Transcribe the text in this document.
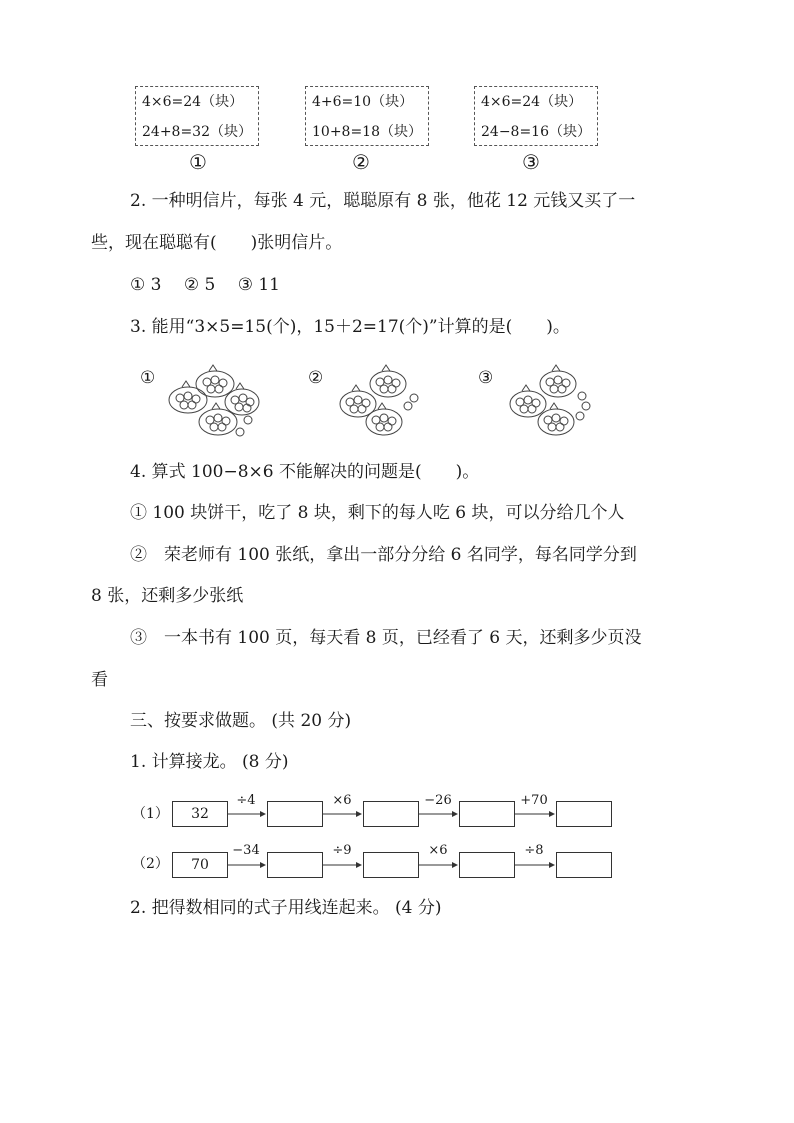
4×6=24（块）
24+8=32（块）
①
4+6=10（块）
10+8=18（块）
②
4×6=24（块）
24−8=16（块）
③
2. 一种明信片，每张 4 元，聪聪原有 8 张，他花 12 元钱又买了一
些，现在聪聪有(　　)张明信片。
① 3　 ② 5　 ③ 11
3. 能用“3×5=15(个)，15＋2=17(个)”计算的是(　　)。
①	②	③
4. 算式 100−8×6 不能解决的问题是(　　)。
① 100 块饼干，吃了 8 块，剩下的每人吃 6 块，可以分给几个人
②　荣老师有 100 张纸，拿出一部分分给 6 名同学，每名同学分到
8 张，还剩多少张纸
③　一本书有 100 页，每天看 8 页，已经看了 6 天，还剩多少页没
看
三、按要求做题。 (共 20 分)
1. 计算接龙。 (8 分)
（1）	32
÷4	×6	−26	+70
（2）	70
−34	÷9	×6	÷8
2. 把得数相同的式子用线连起来。 (4 分)
